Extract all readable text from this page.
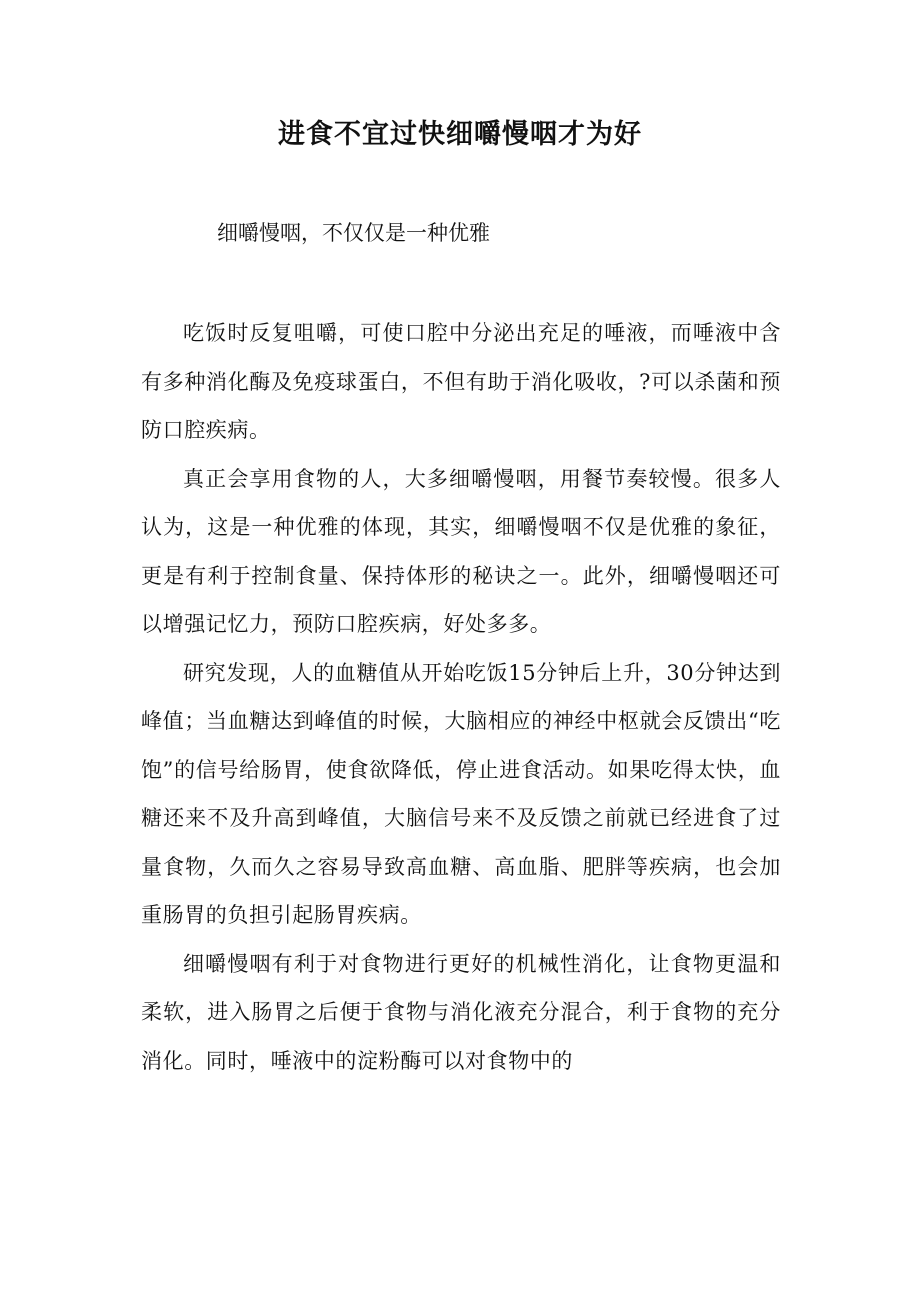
进食不宜过快细嚼慢咽才为好
细嚼慢咽，不仅仅是一种优雅

吃饭时反复咀嚼，可使口腔中分泌出充足的唾液，而唾液中含有多种消化酶及免疫球蛋白，不但有助于消化吸收，?可以杀菌和预防口腔疾病。

真正会享用食物的人，大多细嚼慢咽，用餐节奏较慢。很多人认为，这是一种优雅的体现，其实，细嚼慢咽不仅是优雅的象征，更是有利于控制食量、保持体形的秘诀之一。此外，细嚼慢咽还可以增强记忆力，预防口腔疾病，好处多多。

研究发现，人的血糖值从开始吃饭15分钟后上升，30分钟达到峰值；当血糖达到峰值的时候，大脑相应的神经中枢就会反馈出“吃饱”的信号给肠胃，使食欲降低，停止进食活动。如果吃得太快，血糖还来不及升高到峰值，大脑信号来不及反馈之前就已经进食了过量食物，久而久之容易导致高血糖、高血脂、肥胖等疾病，也会加重肠胃的负担引起肠胃疾病。

细嚼慢咽有利于对食物进行更好的机械性消化，让食物更温和柔软，进入肠胃之后便于食物与消化液充分混合，利于食物的充分消化。同时，唾液中的淀粉酶可以对食物中的
